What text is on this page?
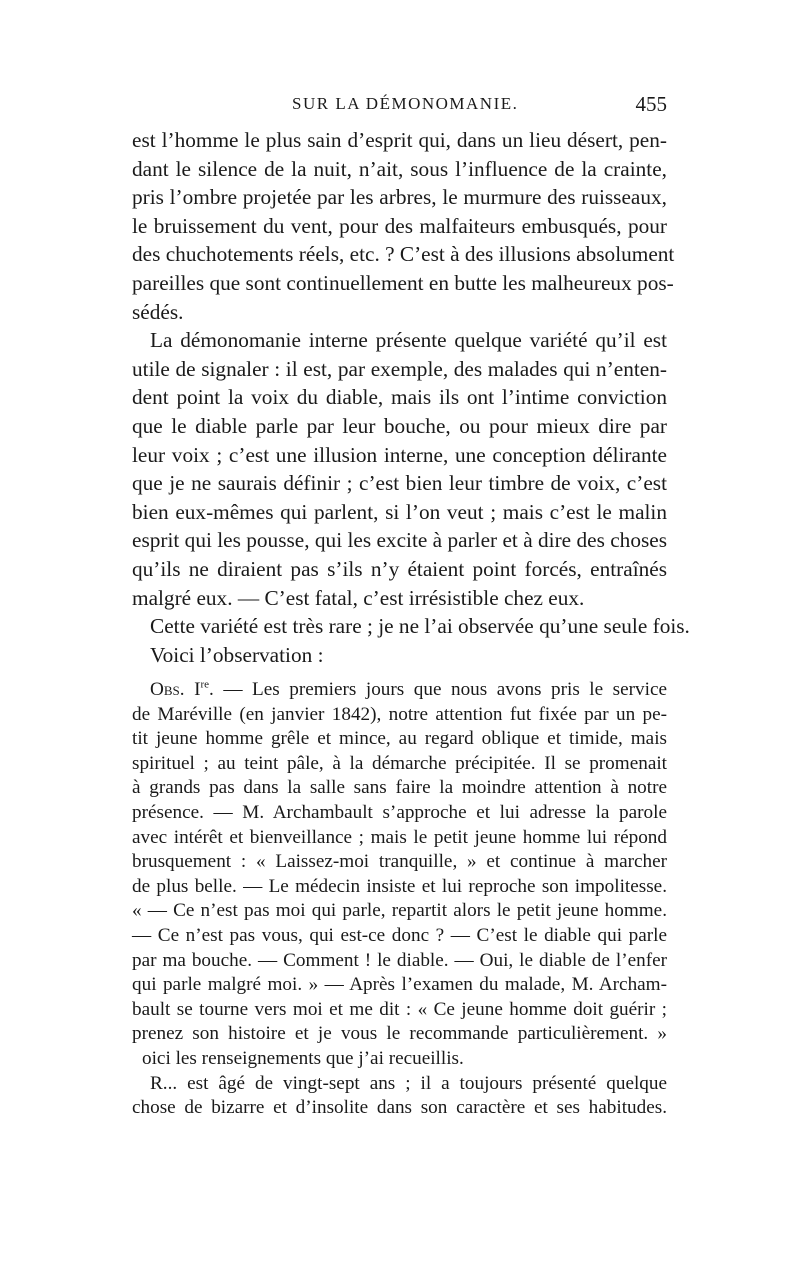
SUR LA DÉMONOMANIE.	455
est l’homme le plus sain d’esprit qui, dans un lieu désert, pen-
dant le silence de la nuit, n’ait, sous l’influence de la crainte,
pris l’ombre projetée par les arbres, le murmure des ruisseaux,
le bruissement du vent, pour des malfaiteurs embusqués, pour
des chuchotements réels, etc. ? C’est à des illusions absolument
pareilles que sont continuellement en butte les malheureux pos-
sédés.
La démonomanie interne présente quelque variété qu’il est
utile de signaler : il est, par exemple, des malades qui n’enten-
dent point la voix du diable, mais ils ont l’intime conviction
que le diable parle par leur bouche, ou pour mieux dire par
leur voix ; c’est une illusion interne, une conception délirante
que je ne saurais définir ; c’est bien leur timbre de voix, c’est
bien eux-mêmes qui parlent, si l’on veut ; mais c’est le malin
esprit qui les pousse, qui les excite à parler et à dire des choses
qu’ils ne diraient pas s’ils n’y étaient point forcés, entraînés
malgré eux. — C’est fatal, c’est irrésistible chez eux.
Cette variété est très rare ; je ne l’ai observée qu’une seule fois.
Voici l’observation :
Obs. Ire. — Les premiers jours que nous avons pris le service
de Maréville (en janvier 1842), notre attention fut fixée par un pe-
tit jeune homme grêle et mince, au regard oblique et timide, mais
spirituel ; au teint pâle, à la démarche précipitée. Il se promenait
à grands pas dans la salle sans faire la moindre attention à notre
présence. — M. Archambault s’approche et lui adresse la parole
avec intérêt et bienveillance ; mais le petit jeune homme lui répond
brusquement : « Laissez-moi tranquille, » et continue à marcher
de plus belle. — Le médecin insiste et lui reproche son impolitesse.
« — Ce n’est pas moi qui parle, repartit alors le petit jeune homme.
— Ce n’est pas vous, qui est-ce donc ? — C’est le diable qui parle
par ma bouche. — Comment ! le diable. — Oui, le diable de l’enfer
qui parle malgré moi. » — Après l’examen du malade, M. Archam-
bault se tourne vers moi et me dit : « Ce jeune homme doit guérir ;
prenez son histoire et je vous le recommande particulièrement. »
oici les renseignements que j’ai recueillis.
R... est âgé de vingt-sept ans ; il a toujours présenté quelque
chose de bizarre et d’insolite dans son caractère et ses habitudes.
